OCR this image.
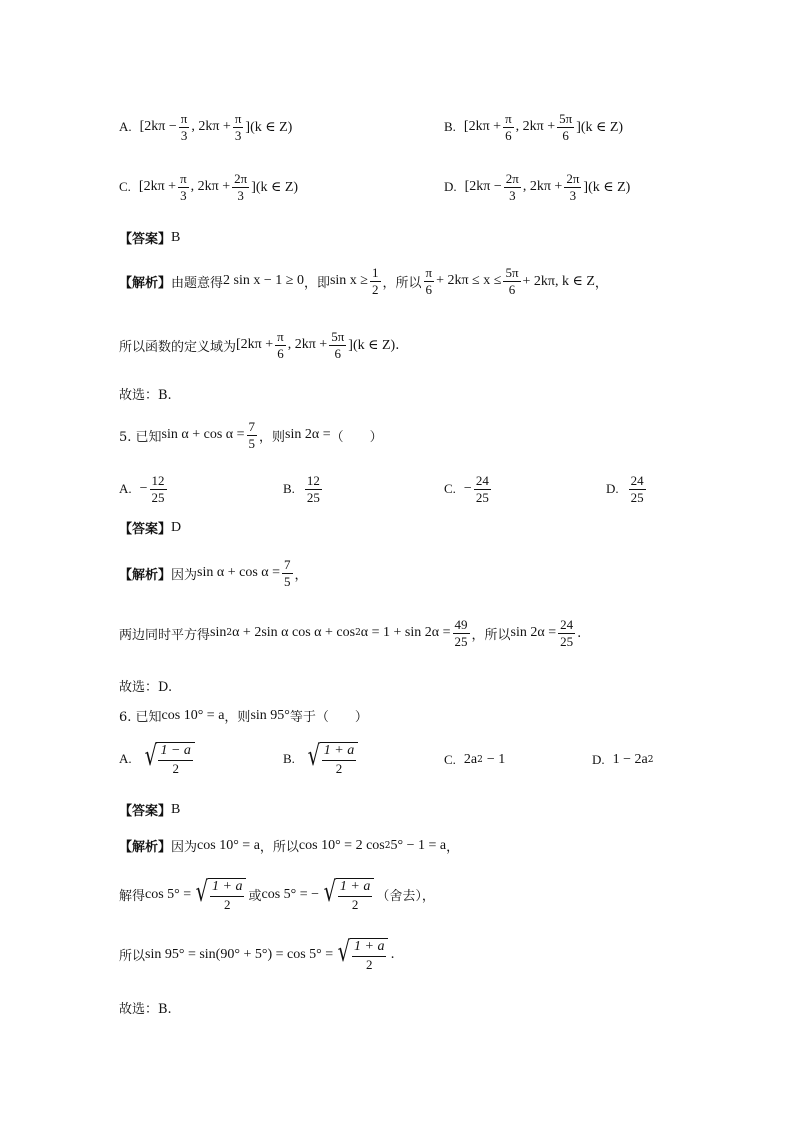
A. [$2k\pi - \frac{\pi}{3}$ , $2k\pi + \frac{\pi}{3} ](k$ ∈ Z)	B. [$2k\pi + \frac{\pi}{6}$ , $2k\pi + \frac{5\pi}{6} ](k$ ∈ Z)
C. [$2k\pi + \frac{\pi}{3}$ , $2k\pi + \frac{2\pi}{3} ](k$ ∈ Z)	D. [$2k\pi - \frac{2\pi}{3}$ , $2k\pi + \frac{2\pi}{3} ](k$ ∈ Z)
【答案】 B
【解析】 由题意得 2 sin x − 1 ≥ 0 ，即 $\sin x \ge \frac{1}{2}$ ，所以 $\frac{\pi}{6} + 2k\pi \le x \le \frac{5\pi}{6} + 2k\pi$, k ∈ Z ，
所以函数的定义域为 [$2k\pi + \frac{\pi}{6}$ , $2k\pi + \frac{5\pi}{6} ](k$ ∈ Z) .
故选：B.
5. 已知 $\sin \alpha + \cos \alpha = \frac{7}{5}$ ，则 sin 2α = （　　）
A. − $\frac{12}{25}$	B. $\frac{12}{25}$	C. − $\frac{24}{25}$	D. $\frac{24}{25}$
【答案】 D
【解析】 因为 $\sin \alpha + \cos \alpha = \frac{7}{5}$ ，
两边同时平方得 sin 2 α + 2sin α cos α + cos 2 $\alpha = 1 + \sin 2\alpha = \frac{49}{25}$ ，所以 $\sin 2\alpha = \frac{24}{25}$ .
故选：D.
6. 已知 cos 10° = a ，则 sin 95° 等于（　　）
A. √ $\frac{1 - a}{2}$	B. √ $\frac{1 + a}{2}$	C. 2a 2 − 1	D. 1 − 2a 2
【答案】 B
【解析】 因为 cos 10° = a ，所以 cos 10° = 2 cos 2 5° − 1 = a ，
解得 cos 5° = √ $\frac{1 + a}{2}$ 或 cos 5° = − √ $\frac{1 + a}{2}$ （舍去），
所以 sin 95° = sin(90° + 5°) = cos 5° = √ $\frac{1 + a}{2}$ .
故选：B.
